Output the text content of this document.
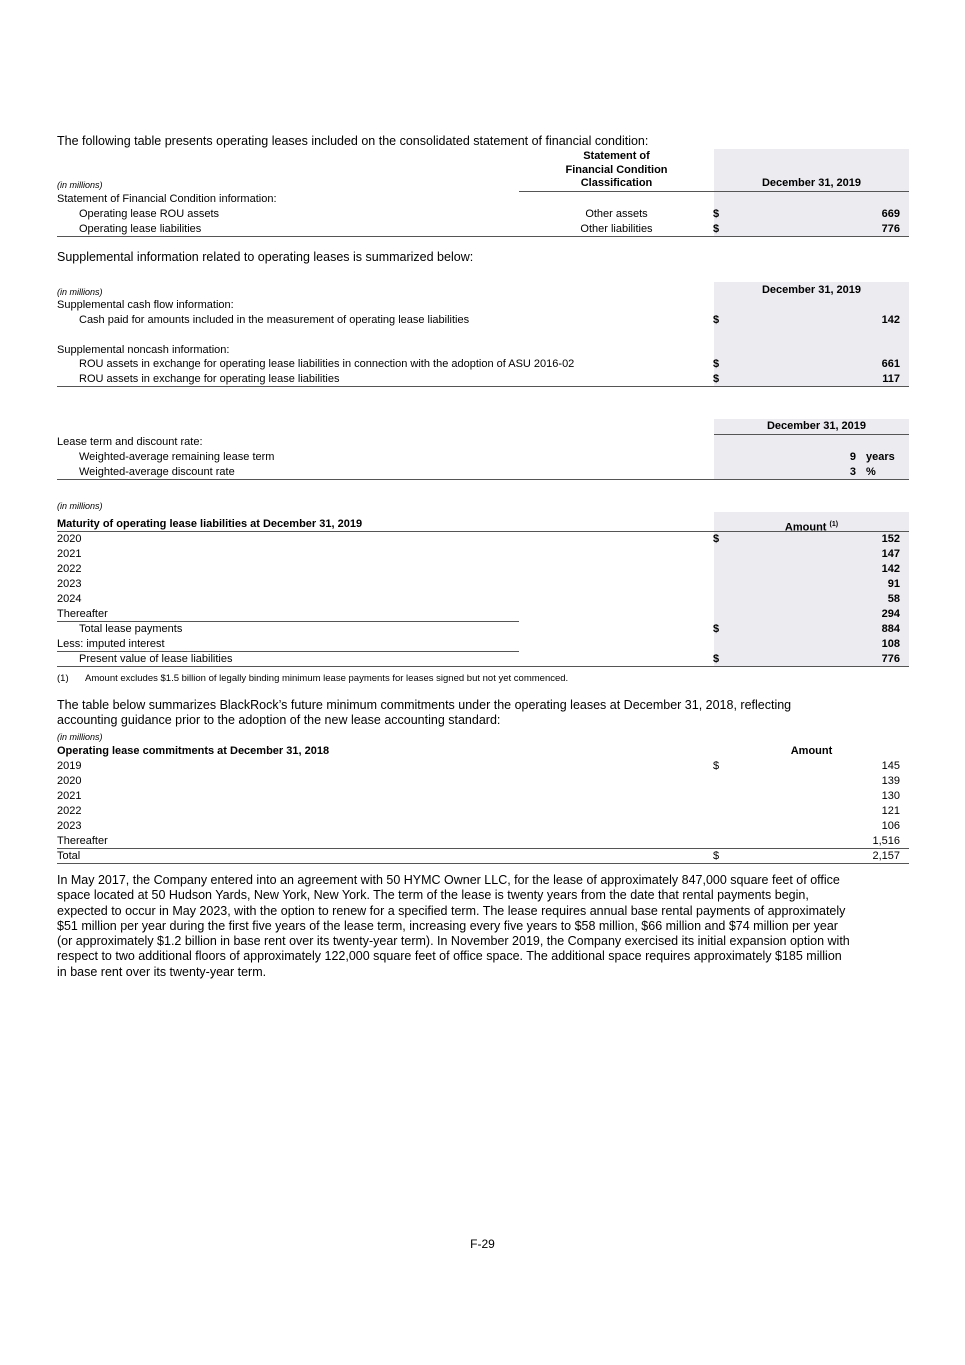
The following table presents operating leases included on the consolidated statement of financial condition:
Statement of
Financial Condition
Classification	December 31, 2019
(in millions)
Statement of Financial Condition information:
Operating lease ROU assets	Other assets	$	669
Operating lease liabilities	Other liabilities	$	776
Supplemental information related to operating leases is summarized below:
December 31, 2019
(in millions)
Supplemental cash flow information:
Cash paid for amounts included in the measurement of operating lease liabilities	$	142
Supplemental noncash information:
ROU assets in exchange for operating lease liabilities in connection with the adoption of ASU 2016-02	$	661
ROU assets in exchange for operating lease liabilities	$	117
December 31, 2019
Lease term and discount rate:
Weighted-average remaining lease term	9 years
Weighted-average discount rate	3 %
(in millions)
Maturity of operating lease liabilities at December 31, 2019	Amount $^{(1)}$
2020	$	152
2021	147
2022	142
2023	91
2024	58
Thereafter	294
Total lease payments	$	884
Less: imputed interest	108
Present value of lease liabilities	$	776
(1) Amount excludes $1.5 billion of legally binding minimum lease payments for leases signed but not yet commenced.
The table below summarizes BlackRock’s future minimum commitments under the operating leases at December 31, 2018, reflecting
accounting guidance prior to the adoption of the new lease accounting standard:
(in millions)
Operating lease commitments at December 31, 2018	Amount
2019	$	145
2020	139
2021	130
2022	121
2023	106
Thereafter	1,516
Total	$	2,157
In May 2017, the Company entered into an agreement with 50 HYMC Owner LLC, for the lease of approximately 847,000 square feet of office
space located at 50 Hudson Yards, New York, New York. The term of the lease is twenty years from the date that rental payments begin,
expected to occur in May 2023, with the option to renew for a specified term. The lease requires annual base rental payments of approximately
$51 million per year during the first five years of the lease term, increasing every five years to $58 million, $66 million and $74 million per year
(or approximately $1.2 billion in base rent over its twenty-year term). In November 2019, the Company exercised its initial expansion option with
respect to two additional floors of approximately 122,000 square feet of office space. The additional space requires approximately $185 million
in base rent over its twenty-year term.
F-29
